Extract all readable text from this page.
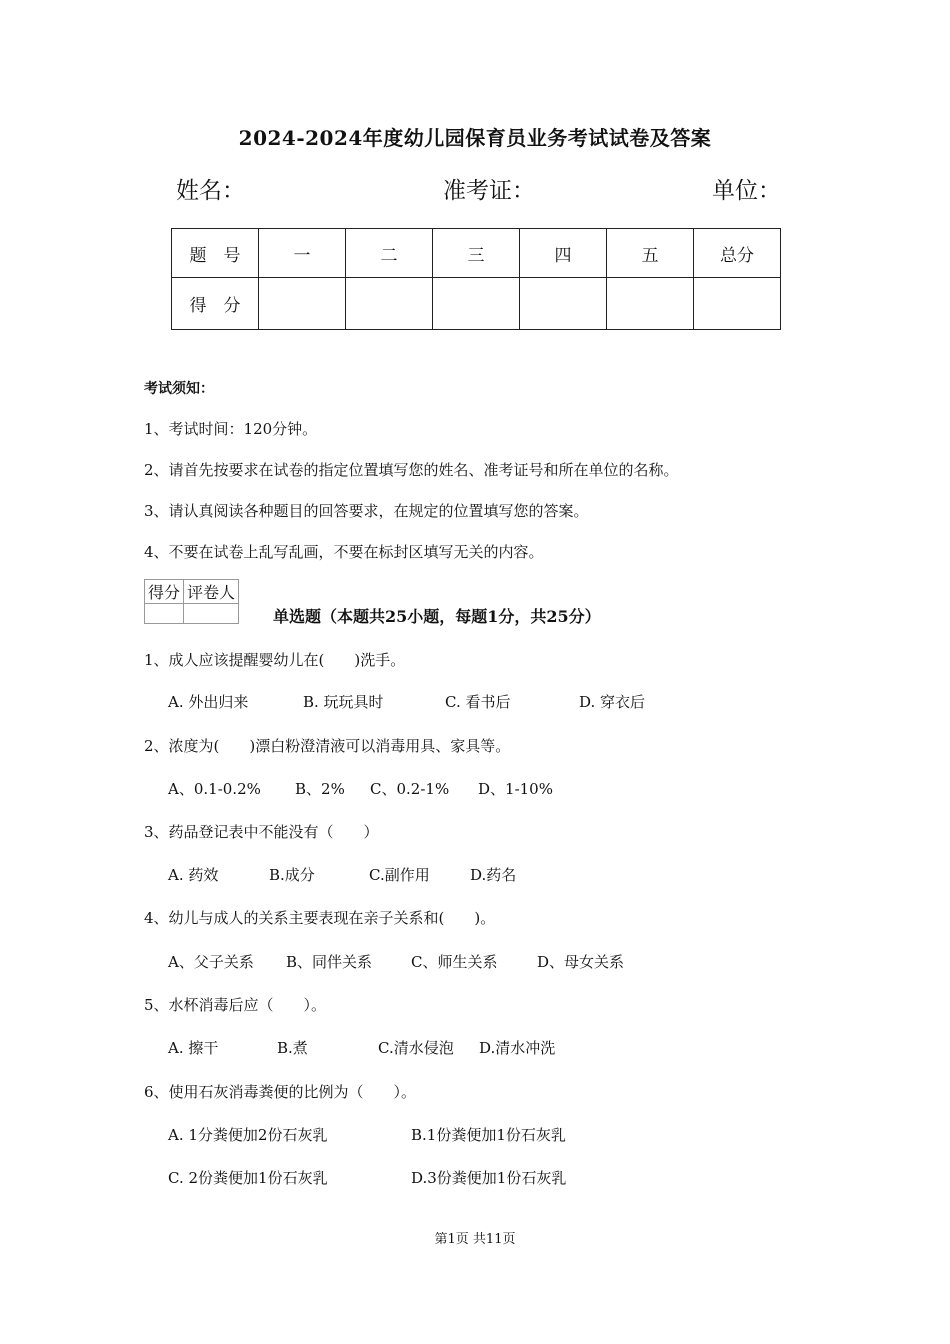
2024-2024年度幼儿园保育员业务考试试卷及答案
姓名：	准考证：	单位：
题　号	一	二	三	四	五	总分
得　分						
考试须知：
1、考试时间：120分钟。
2、请首先按要求在试卷的指定位置填写您的姓名、准考证号和所在单位的名称。
3、请认真阅读各种题目的回答要求，在规定的位置填写您的答案。
4、不要在试卷上乱写乱画，不要在标封区填写无关的内容。
得分	评卷人

单选题（本题共25小题，每题1分，共25分）
1、成人应该提醒婴幼儿在(　　)洗手。
A. 外出归来	B. 玩玩具时	C. 看书后	D. 穿衣后
2、浓度为(　　)漂白粉澄清液可以消毒用具、家具等。
A、0.1-0.2% B、2% C、0.2-1% D、1-10%
3、药品登记表中不能没有（　　）
A. 药效	B.成分	C.副作用	D.药名
4、幼儿与成人的关系主要表现在亲子关系和(　　)。
A、父子关系 B、同伴关系	C、师生关系	D、母女关系
5、水杯消毒后应（　　）。
A. 擦干	B.煮	C.清水侵泡 D.清水冲洗
6、使用石灰消毒粪便的比例为（　　）。
A. 1分粪便加2份石灰乳	B.1份粪便加1份石灰乳
C. 2份粪便加1份石灰乳	D.3份粪便加1份石灰乳
第1页 共11页
